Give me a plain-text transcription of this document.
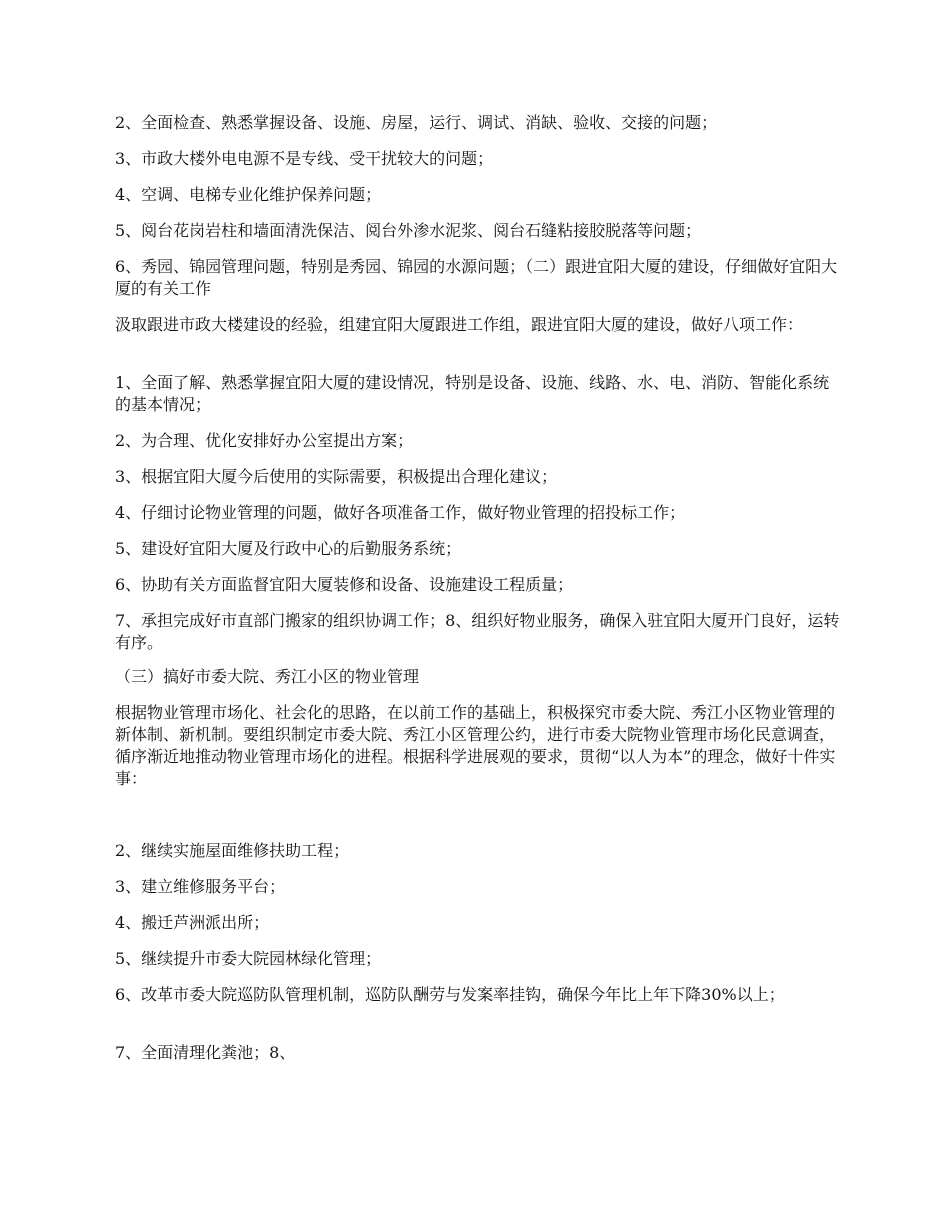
2、全面检查、熟悉掌握设备、设施、房屋，运行、调试、消缺、验收、交接的问题；

3、市政大楼外电电源不是专线、受干扰较大的问题；

4、空调、电梯专业化维护保养问题；

5、阅台花岗岩柱和墙面清洗保洁、阅台外渗水泥浆、阅台石缝粘接胶脱落等问题；

6、秀园、锦园管理问题，特别是秀园、锦园的水源问题；（二）跟进宜阳大厦的建设，仔细做好宜阳大厦的有关工作

汲取跟进市政大楼建设的经验，组建宜阳大厦跟进工作组，跟进宜阳大厦的建设，做好八项工作：

1、全面了解、熟悉掌握宜阳大厦的建设情况，特别是设备、设施、线路、水、电、消防、智能化系统的基本情况；

2、为合理、优化安排好办公室提出方案；

3、根据宜阳大厦今后使用的实际需要，积极提出合理化建议；

4、仔细讨论物业管理的问题，做好各项准备工作，做好物业管理的招投标工作；

5、建设好宜阳大厦及行政中心的后勤服务系统；

6、协助有关方面监督宜阳大厦装修和设备、设施建设工程质量；

7、承担完成好市直部门搬家的组织协调工作；8、组织好物业服务，确保入驻宜阳大厦开门良好，运转有序。

（三）搞好市委大院、秀江小区的物业管理

根据物业管理市场化、社会化的思路，在以前工作的基础上，积极探究市委大院、秀江小区物业管理的新体制、新机制。要组织制定市委大院、秀江小区管理公约，进行市委大院物业管理市场化民意调查，循序渐近地推动物业管理市场化的进程。根据科学进展观的要求，贯彻“以人为本”的理念，做好十件实事：

2、继续实施屋面维修扶助工程；

3、建立维修服务平台；

4、搬迁芦洲派出所；

5、继续提升市委大院园林绿化管理；

6、改革市委大院巡防队管理机制，巡防队酬劳与发案率挂钩，确保今年比上年下降30%以上；

7、全面清理化粪池；8、
